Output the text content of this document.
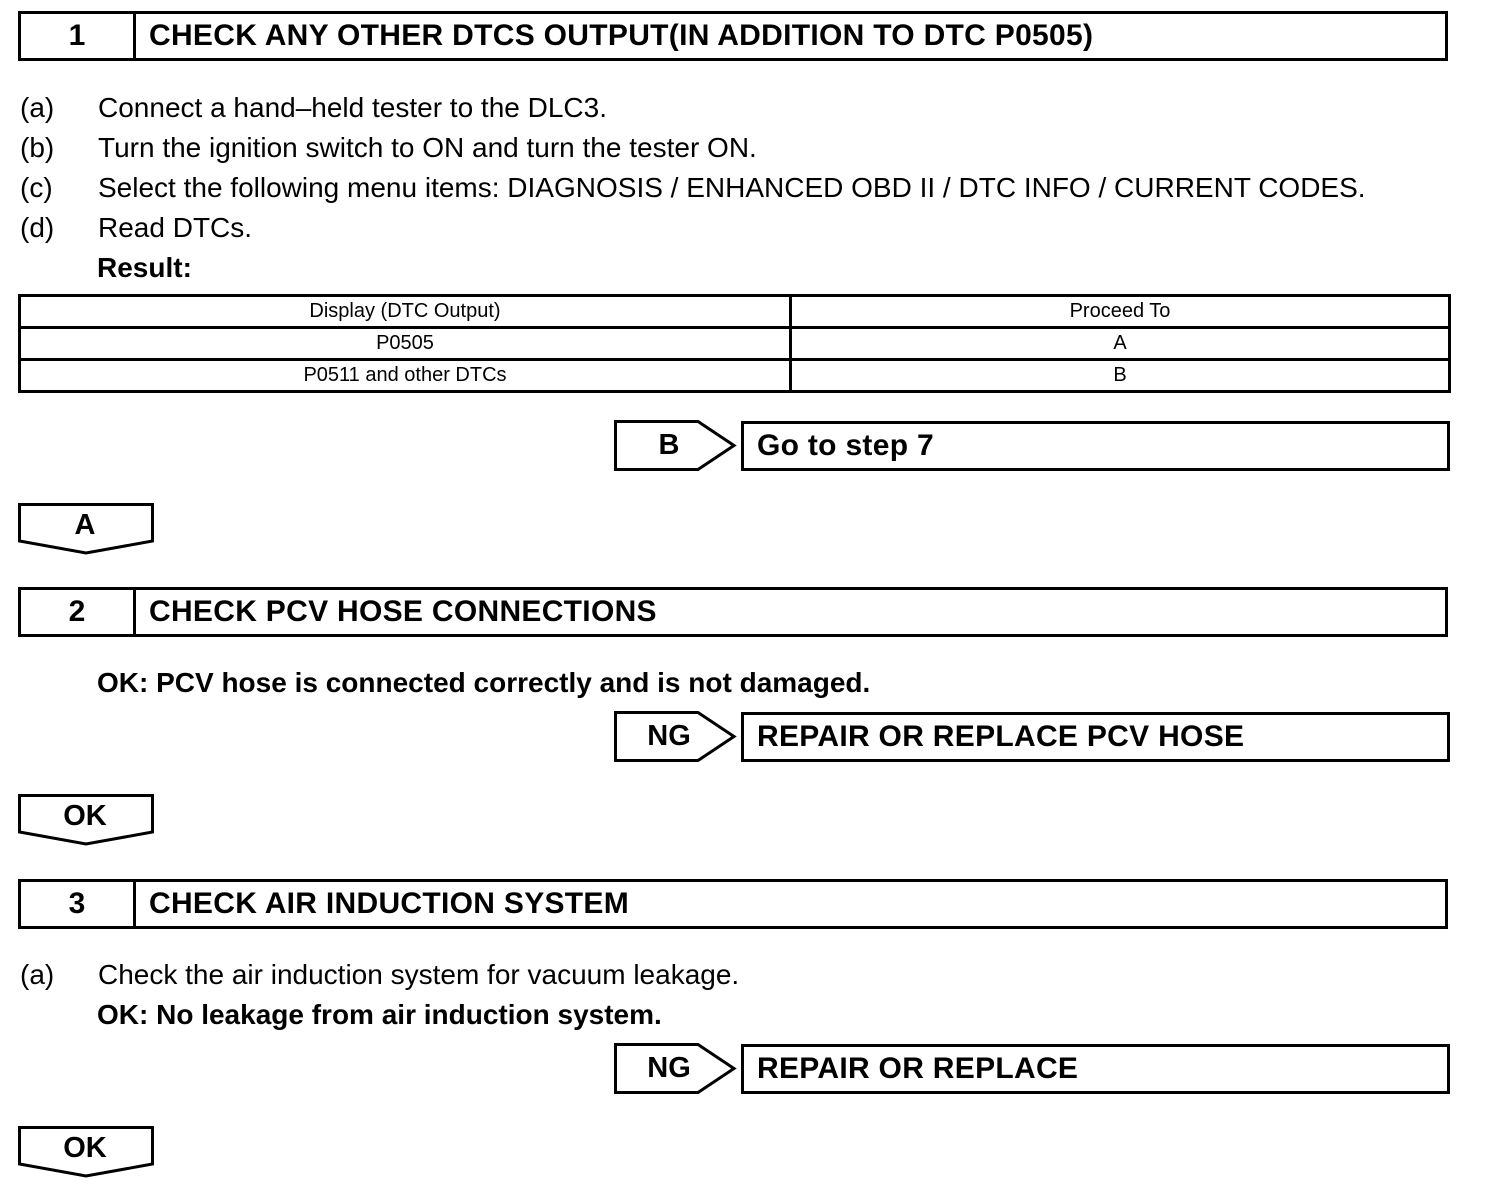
1	CHECK ANY OTHER DTCS OUTPUT(IN ADDITION TO DTC P0505)
(a) Connect a hand–held tester to the DLC3.
(b) Turn the ignition switch to ON and turn the tester ON.
(c) Select the following menu items: DIAGNOSIS / ENHANCED OBD II / DTC INFO / CURRENT CODES.
(d) Read DTCs.
Result:
Display (DTC Output)	Proceed To
P0505	A
P0511 and other DTCs	B
B	Go to step 7
A
2	CHECK PCV HOSE CONNECTIONS
OK: PCV hose is connected correctly and is not damaged.
NG	REPAIR OR REPLACE PCV HOSE
OK
3	CHECK AIR INDUCTION SYSTEM
(a) Check the air induction system for vacuum leakage.
OK: No leakage from air induction system.
NG	REPAIR OR REPLACE
OK
